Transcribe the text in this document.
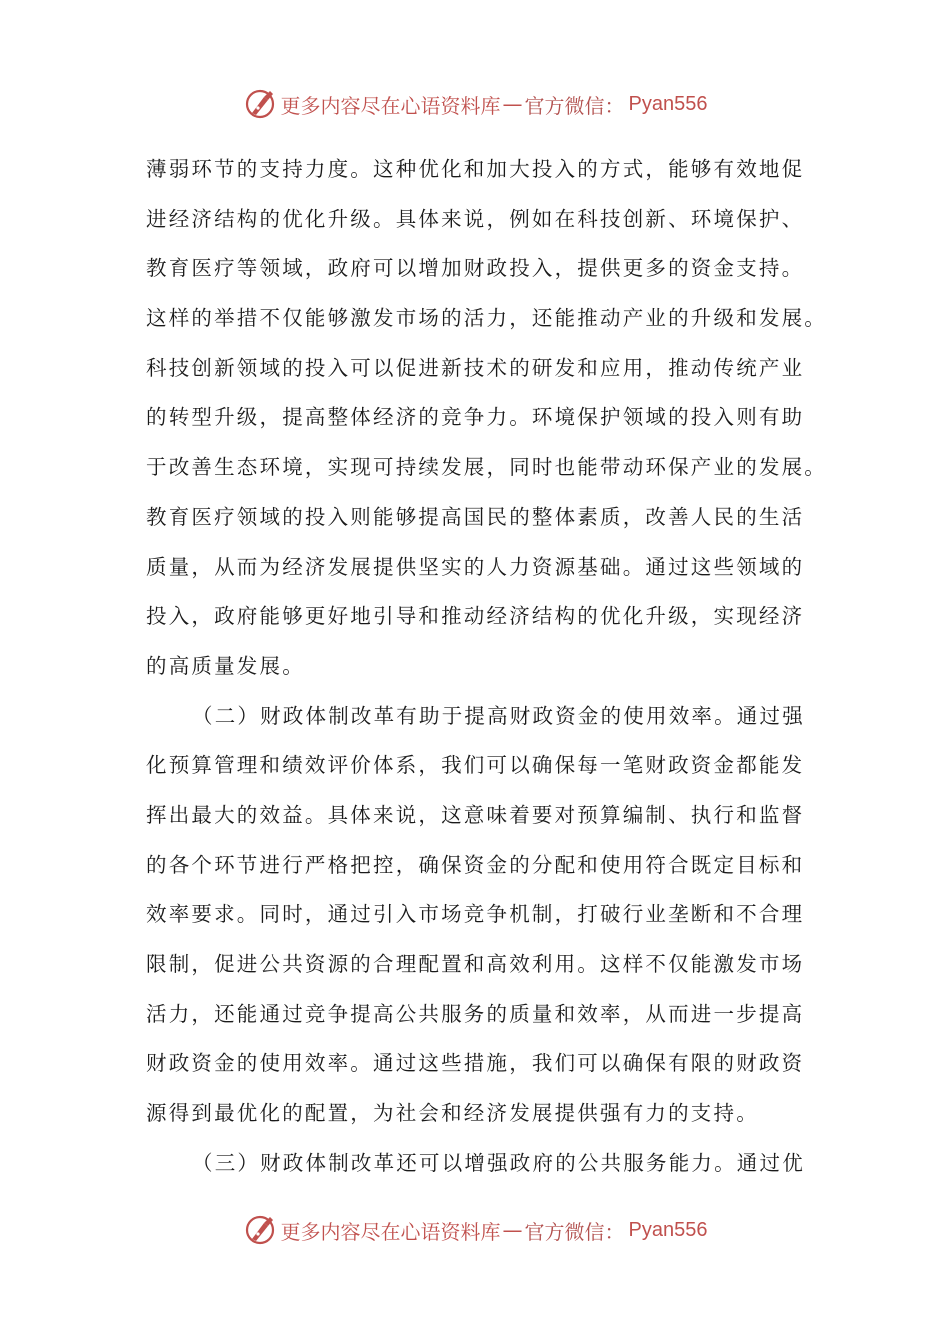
更多内容尽在心语资料库 — 官方微信： Pyan556
薄弱环节的支持力度。这种优化和加大投入的方式，能够有效地促
进经济结构的优化升级。具体来说，例如在科技创新、环境保护、
教育医疗等领域，政府可以增加财政投入，提供更多的资金支持。
这样的举措不仅能够激发市场的活力，还能推动产业的升级和发展。
科技创新领域的投入可以促进新技术的研发和应用，推动传统产业
的转型升级，提高整体经济的竞争力。环境保护领域的投入则有助
于改善生态环境，实现可持续发展，同时也能带动环保产业的发展。
教育医疗领域的投入则能够提高国民的整体素质，改善人民的生活
质量，从而为经济发展提供坚实的人力资源基础。通过这些领域的
投入，政府能够更好地引导和推动经济结构的优化升级，实现经济
的高质量发展。
（二）财政体制改革有助于提高财政资金的使用效率。通过强
化预算管理和绩效评价体系，我们可以确保每一笔财政资金都能发
挥出最大的效益。具体来说，这意味着要对预算编制、执行和监督
的各个环节进行严格把控，确保资金的分配和使用符合既定目标和
效率要求。同时，通过引入市场竞争机制，打破行业垄断和不合理
限制，促进公共资源的合理配置和高效利用。这样不仅能激发市场
活力，还能通过竞争提高公共服务的质量和效率，从而进一步提高
财政资金的使用效率。通过这些措施，我们可以确保有限的财政资
源得到最优化的配置，为社会和经济发展提供强有力的支持。
（三）财政体制改革还可以增强政府的公共服务能力。通过优
更多内容尽在心语资料库 — 官方微信： Pyan556
